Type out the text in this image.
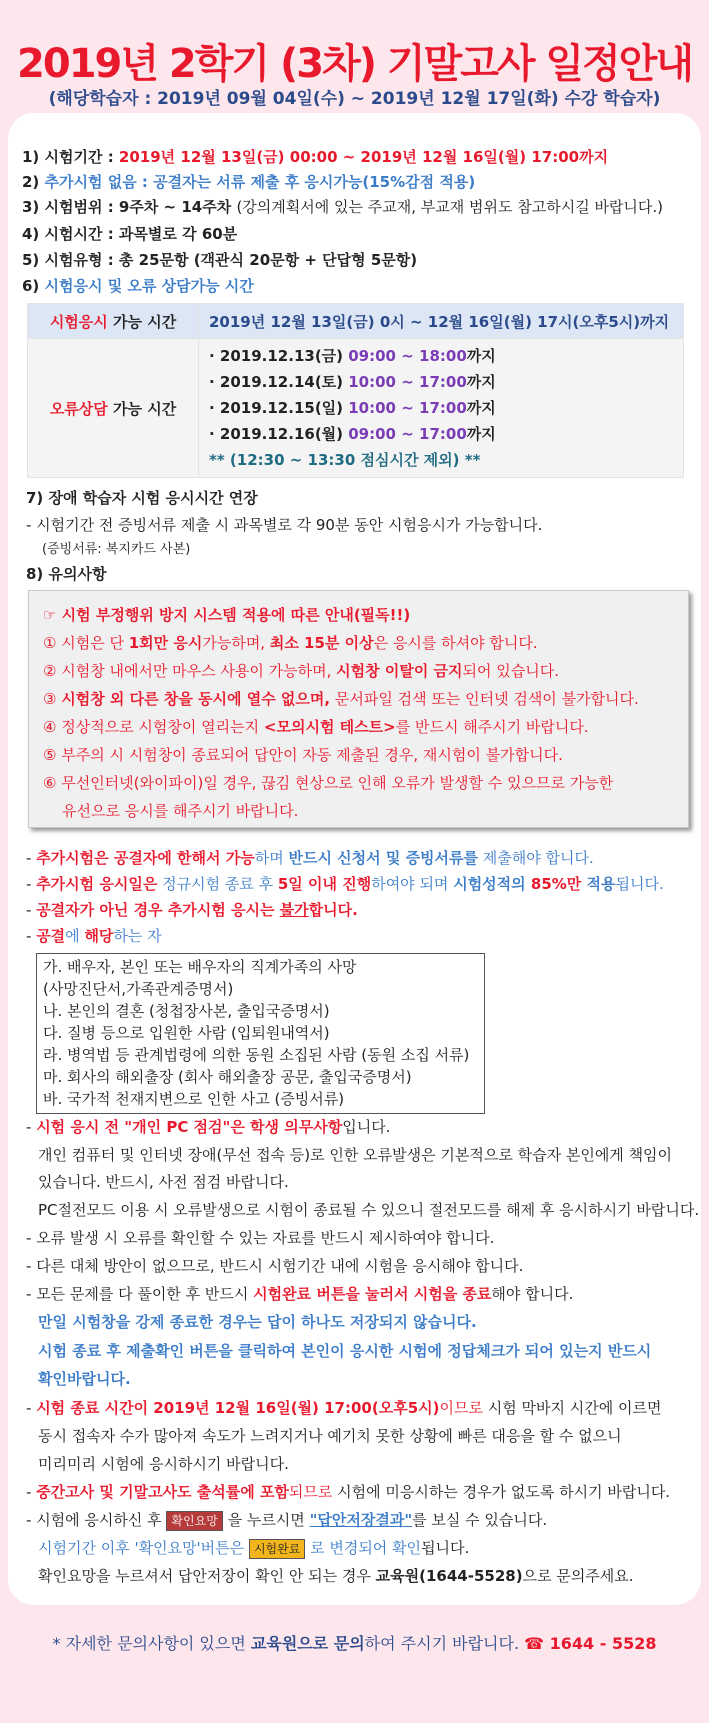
2019년 2학기 (3차) 기말고사 일정안내
(해당학습자 : 2019년 09월 04일(수) ~ 2019년 12월 17일(화) 수강 학습자)
1) 시험기간 : 2019년 12월 13일(금) 00:00 ~ 2019년 12월 16일(월) 17:00까지
2) 추가시험 없음 : 공결자는 서류 제출 후 응시가능(15%감점 적용)
3) 시험범위 : 9주차 ~ 14주차 (강의계획서에 있는 주교재, 부교재 범위도 참고하시길 바랍니다.)
4) 시험시간 : 과목별로 각 60분
5) 시험유형 : 총 25문항 (객관식 20문항 + 단답형 5문항)
6) 시험응시 및 오류 상담가능 시간
시험응시 가능 시간	2019년 12월 13일(금) 0시 ~ 12월 16일(월) 17시(오후5시)까지
오류상담 가능 시간	· 2019.12.13(금) 09:00 ~ 18:00까지
· 2019.12.14(토) 10:00 ~ 17:00까지
· 2019.12.15(일) 10:00 ~ 17:00까지
· 2019.12.16(월) 09:00 ~ 17:00까지
** (12:30 ~ 13:30 점심시간 제외) **
7) 장애 학습자 시험 응시시간 연장
- 시험기간 전 증빙서류 제출 시 과목별로 각 90분 동안 시험응시가 가능합니다.
(증빙서류: 복지카드 사본)
8) 유의사항
☞ 시험 부정행위 방지 시스템 적용에 따른 안내(필독!!)
① 시험은 단 1회만 응시가능하며, 최소 15분 이상은 응시를 하셔야 합니다.
② 시험창 내에서만 마우스 사용이 가능하며, 시험창 이탈이 금지되어 있습니다.
③ 시험창 외 다른 창을 동시에 열수 없으며, 문서파일 검색 또는 인터넷 검색이 불가합니다.
④ 정상적으로 시험창이 열리는지 <모의시험 테스트>를 반드시 해주시기 바랍니다.
⑤ 부주의 시 시험창이 종료되어 답안이 자동 제출된 경우, 재시험이 불가합니다.
⑥ 무선인터넷(와이파이)일 경우, 끊김 현상으로 인해 오류가 발생할 수 있으므로 가능한
유선으로 응시를 해주시기 바랍니다.
- 추가시험은 공결자에 한해서 가능하며 반드시 신청서 및 증빙서류를 제출해야 합니다.
- 추가시험 응시일은 정규시험 종료 후 5일 이내 진행하여야 되며 시험성적의 85%만 적용됩니다.
- 공결자가 아닌 경우 추가시험 응시는 불가합니다.
- 공결에 해당하는 자
가. 배우자, 본인 또는 배우자의 직계가족의 사망
(사망진단서,가족관계증명서)
나. 본인의 결혼 (청첩장사본, 출입국증명서)
다. 질병 등으로 입원한 사람 (입퇴원내역서)
라. 병역법 등 관계법령에 의한 동원 소집된 사람 (동원 소집 서류)
마. 회사의 해외출장 (회사 해외출장 공문, 출입국증명서)
바. 국가적 천재지변으로 인한 사고 (증빙서류)
- 시험 응시 전 "개인 PC 점검"은 학생 의무사항입니다.
개인 컴퓨터 및 인터넷 장애(무선 접속 등)로 인한 오류발생은 기본적으로 학습자 본인에게 책임이
있습니다. 반드시, 사전 점검 바랍니다.
PC절전모드 이용 시 오류발생으로 시험이 종료될 수 있으니 절전모드를 해제 후 응시하시기 바랍니다.
- 오류 발생 시 오류를 확인할 수 있는 자료를 반드시 제시하여야 합니다.
- 다른 대체 방안이 없으므로, 반드시 시험기간 내에 시험을 응시해야 합니다.
- 모든 문제를 다 풀이한 후 반드시 시험완료 버튼을 눌러서 시험을 종료해야 합니다.
만일 시험창을 강제 종료한 경우는 답이 하나도 저장되지 않습니다.
시험 종료 후 제출확인 버튼을 클릭하여 본인이 응시한 시험에 정답체크가 되어 있는지 반드시
확인바랍니다.
- 시험 종료 시간이 2019년 12월 16일(월) 17:00(오후5시)이므로 시험 막바지 시간에 이르면
동시 접속자 수가 많아져 속도가 느려지거나 예기치 못한 상황에 빠른 대응을 할 수 없으니
미리미리 시험에 응시하시기 바랍니다.
- 중간고사 및 기말고사도 출석률에 포함되므로 시험에 미응시하는 경우가 없도록 하시기 바랍니다.
- 시험에 응시하신 후 확인요망 을 누르시면 "답안저장결과"를 보실 수 있습니다.
시험기간 이후 '확인요망'버튼은 시험완료 로 변경되어 확인됩니다.
확인요망을 누르셔서 답안저장이 확인 안 되는 경우 교육원(1644-5528)으로 문의주세요.
* 자세한 문의사항이 있으면 교육원으로 문의하여 주시기 바랍니다. ☎ 1644 - 5528
